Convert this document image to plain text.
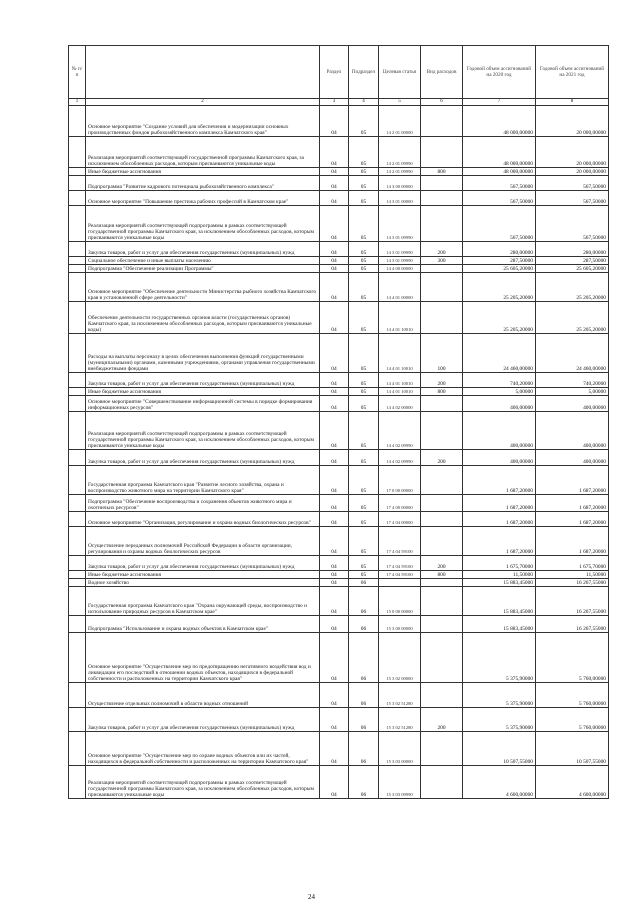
№ п/п		Раздел	Подраздел	Целевая статья	Вид расходов	Годовой объем ассигнований на 2020 год	Годовой объем ассигнований на 2021 год
1	2	3	4	5	6	7	8
	Основное мероприятие "Создание условий для обеспечения и модернизации основных производственных фондов рыбохозяйственного комплекса Камчатского края"	04	05	14 2 01 00000		48 000,00000	20 000,00000
	Реализация мероприятий соответствующей государственной программы Камчатского края, за исключением обособленных расходов, которым присваиваются уникальные коды	04	05	14 2 01 09990		48 000,00000	20 000,00000
	Иные бюджетные ассигнования	04	05	14 2 01 09990	800	48 000,00000	20 000,00000
	Подпрограмма "Развитие кадрового потенциала рыбохозяйственного комплекса"	04	05	14 3 00 00000		567,50000	567,50000
	Основное мероприятие "Повышение престижа рабочих профессий в Камчатском крае"	04	05	14 3 01 00000		567,50000	567,50000
	Реализация мероприятий соответствующей подпрограммы в рамках соответствующей государственной программы Камчатского края, за исключением обособленных расходов, которым присваиваются уникальные коды	04	05	14 3 01 09990		567,50000	567,50000
	Закупка товаров, работ и услуг для обеспечения государственных (муниципальных) нужд	04	05	14 3 01 09990	200	280,00000	280,00000
	Социальное обеспечение и иные выплаты населению	04	05	14 3 01 09990	300	287,50000	287,50000
	Подпрограмма "Обеспечение реализации Программы"	04	05	14 4 00 00000		25 605,20000	25 605,20000
	Основное мероприятие "Обеспечение деятельности Министерства рыбного хозяйства Камчатского края в установленной сфере деятельности"	04	05	14 4 01 00000		25 205,20000	25 205,20000
	Обеспечение деятельности государственных органов власти (государственных органов) Камчатского края, за исключением обособленных расходов, которым присваиваются уникальные коды)	04	05	14 4 01 10010		25 205,20000	25 205,20000
	Расходы на выплаты персоналу в целях обеспечения выполнения функций государственными (муниципальными) органами, казенными учреждениями, органами управления государственными внебюджетными фондами	04	05	14 4 01 10010	100	24 460,00000	24 460,00000
	Закупка товаров, работ и услуг для обеспечения государственных (муниципальных) нужд	04	05	14 4 01 10010	200	740,20000	740,20000
	Иные бюджетные ассигнования	04	05	14 4 01 10010	800	5,00000	5,00000
	Основное мероприятие "Совершенствование информационной системы в порядке формирования информационных ресурсов"	04	05	14 4 02 00000		400,00000	400,00000
	Реализация мероприятий соответствующей подпрограммы в рамках соответствующей государственной программы Камчатского края, за исключением обособленных расходов, которым присваиваются уникальные коды	04	05	14 4 02 09990		400,00000	400,00000
	Закупка товаров, работ и услуг для обеспечения государственных (муниципальных) нужд	04	05	14 4 02 09990	200	400,00000	400,00000
	Государственная программа Камчатского края "Развитие лесного хозяйства, охрана и воспроизводство животного мира на территории Камчатского края"	04	05	17 0 00 00000		1 687,20000	1 687,20000
	Подпрограмма "Обеспечение воспроизводства и сохранения объектов животного мира и охотничьих ресурсов"	04	05	17 4 00 00000		1 687,20000	1 687,20000
	Основное мероприятие "Организация, регулирование и охрана водных биологических ресурсов"	04	05	17 4 04 00000		1 687,20000	1 687,20000
	Осуществление переданных полномочий Российской Федерации в области организации, регулирования и охраны водных биологических ресурсов	04	05	17 4 04 59100		1 687,20000	1 687,20000
	Закупка товаров, работ и услуг для обеспечения государственных (муниципальных) нужд	04	05	17 4 04 59100	200	1 675,70000	1 675,70000
	Иные бюджетные ассигнования	04	05	17 4 04 59100	800	11,50000	11,50000
	Водное хозяйство	04	06			15 883,45000	16 267,55000
	Государственная программа Камчатского края "Охрана окружающей среды, воспроизводство и использование природных ресурсов в Камчатском крае"	04	06	15 0 00 00000		15 883,45000	16 267,55000
	Подпрограмма "Использование и охрана водных объектов в Камчатском крае"	04	06	15 3 00 00000		15 883,45000	16 267,55000
	Основное мероприятие "Осуществление мер по предотвращению негативного воздействия вод и ликвидации его последствий в отношении водных объектов, находящихся в федеральной собственности и расположенных на территории Камчатского края"	04	06	15 3 02 00000		5 375,90000	5 760,00000
	Осуществление отдельных полномочий в области водных отношений	04	06	15 3 02 51280		5 375,90000	5 760,00000
	Закупка товаров, работ и услуг для обеспечения государственных (муниципальных) нужд	04	06	15 3 02 51280	200	5 375,90000	5 760,00000
	Основное мероприятие "Осуществление мер по охране водных объектов или их частей, находящихся в федеральной собственности и расположенных на территории Камчатского края"	04	06	15 3 03 00000		10 507,55000	10 507,55000
	Реализация мероприятий соответствующей подпрограммы в рамках соответствующей государственной программы Камчатского края, за исключением обособленных расходов, которым присваиваются уникальные коды	04	06	15 3 03 09990		4 600,00000	4 600,00000
24
